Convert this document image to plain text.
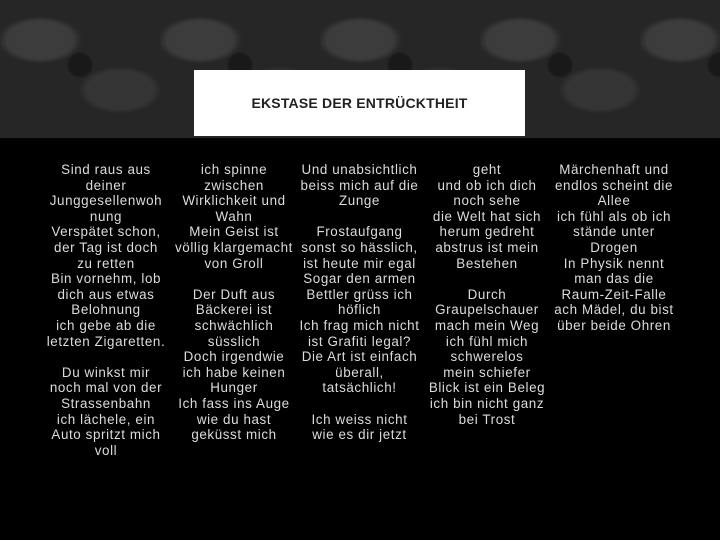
EKSTASE DER ENTRÜCKTHEIT
Sind raus aus
deiner
Junggesellenwoh
nung
Verspätet schon,
der Tag ist doch
zu retten
Bin vornehm, lob
dich aus etwas
Belohnung
ich gebe ab die
letzten Zigaretten.

Du winkst mir
noch mal von der
Strassenbahn
ich lächele, ein
Auto spritzt mich
voll
ich spinne
zwischen
Wirklichkeit und
Wahn
Mein Geist ist
völlig klargemacht
von Groll

Der Duft aus
Bäckerei ist
schwächlich
süsslich
Doch irgendwie
ich habe keinen
Hunger
Ich fass ins Auge
wie du hast
geküsst mich
Und unabsichtlich
beiss mich auf die
Zunge

Frostaufgang
sonst so hässlich,
ist heute mir egal
Sogar den armen
Bettler grüss ich
höflich
Ich frag mich nicht
ist Grafiti legal?
Die Art ist einfach
überall,
tatsächlich!

Ich weiss nicht
wie es dir jetzt
geht
und ob ich dich
noch sehe
die Welt hat sich
herum gedreht
abstrus ist mein
Bestehen

Durch
Graupelschauer
mach mein Weg
ich fühl mich
schwerelos
mein schiefer
Blick ist ein Beleg
ich bin nicht ganz
bei Trost
Märchenhaft und
endlos scheint die
Allee
ich fühl als ob ich
stände unter
Drogen
In Physik nennt
man das die
Raum-Zeit-Falle
ach Mädel, du bist
über beide Ohren
